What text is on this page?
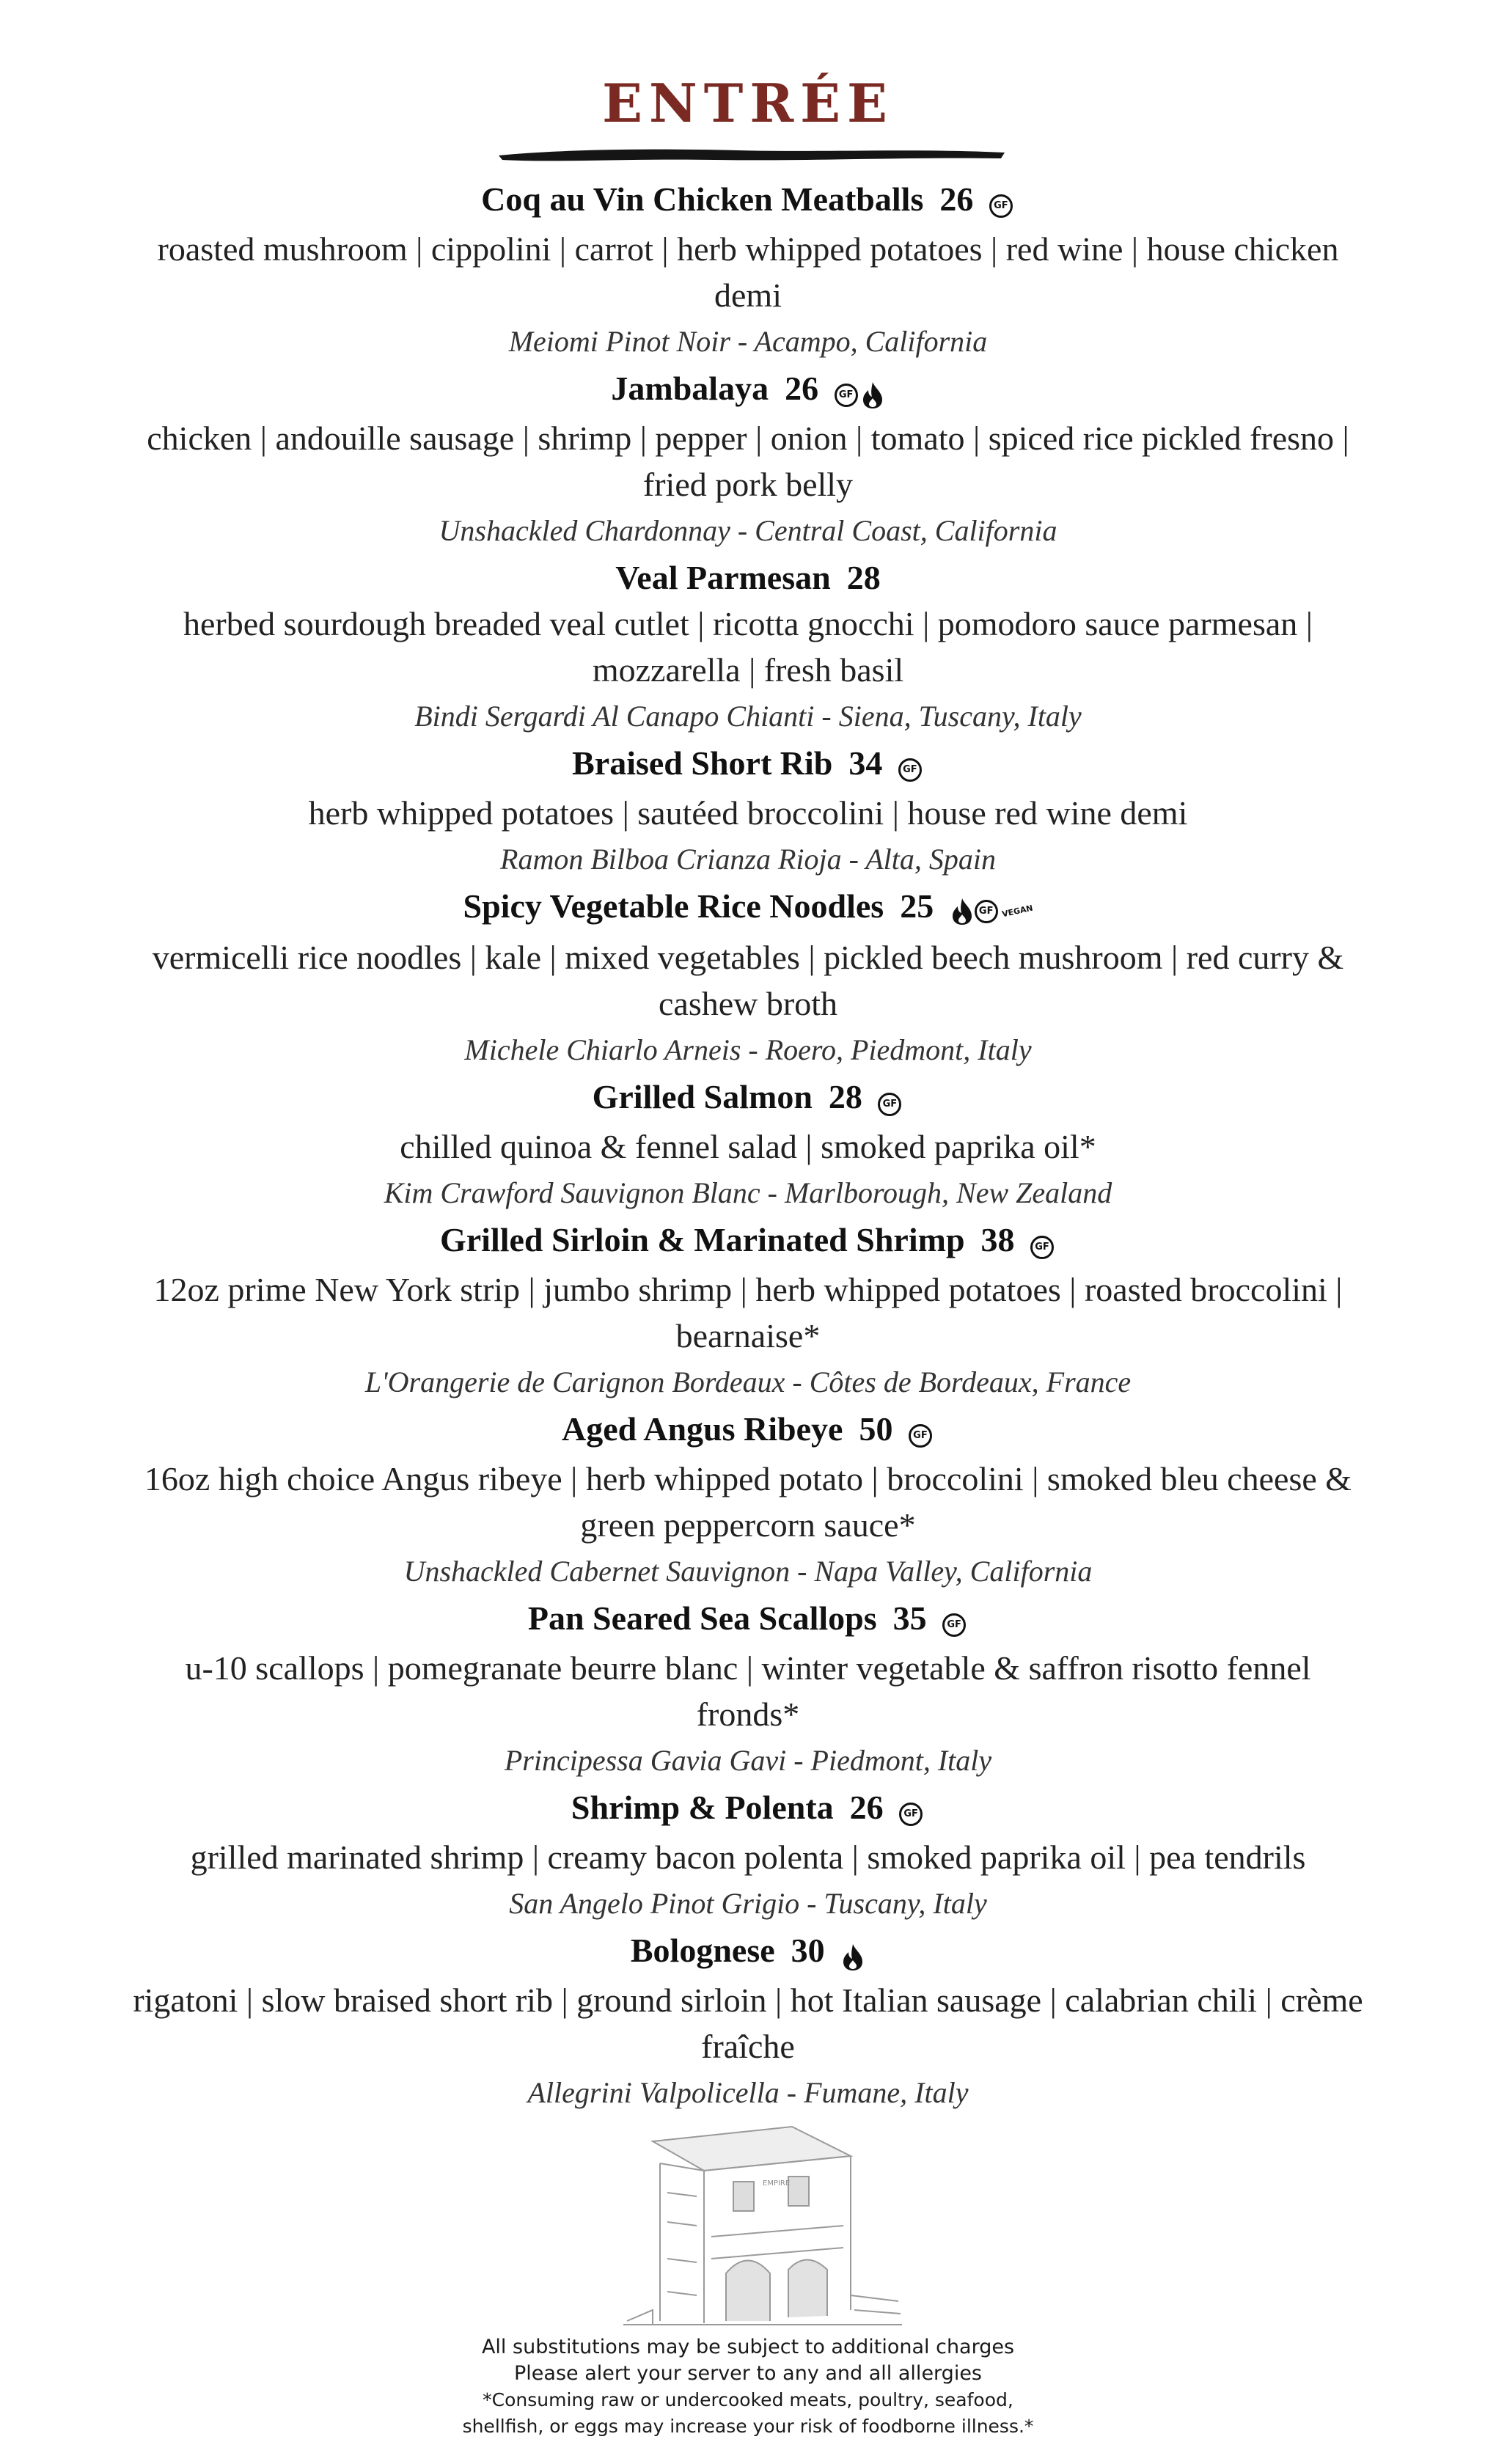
ENTRÉE
Coq au Vin Chicken Meatballs 26 GF
roasted mushroom | cippolini | carrot | herb whipped potatoes | red wine | house chicken demi
Meiomi Pinot Noir - Acampo, California
Jambalaya 26 GF
chicken | andouille sausage | shrimp | pepper | onion | tomato | spiced rice pickled fresno | fried pork belly
Unshackled Chardonnay - Central Coast, California
Veal Parmesan 28
herbed sourdough breaded veal cutlet | ricotta gnocchi | pomodoro sauce parmesan | mozzarella | fresh basil
Bindi Sergardi Al Canapo Chianti - Siena, Tuscany, Italy
Braised Short Rib 34 GF
herb whipped potatoes | sautéed broccolini | house red wine demi
Ramon Bilboa Crianza Rioja - Alta, Spain
Spicy Vegetable Rice Noodles 25	GF VEGAN
vermicelli rice noodles | kale | mixed vegetables | pickled beech mushroom | red curry & cashew broth
Michele Chiarlo Arneis - Roero, Piedmont, Italy
Grilled Salmon 28 GF
chilled quinoa & fennel salad | smoked paprika oil*
Kim Crawford Sauvignon Blanc - Marlborough, New Zealand
Grilled Sirloin & Marinated Shrimp 38 GF
12oz prime New York strip | jumbo shrimp | herb whipped potatoes | roasted broccolini | bearnaise*
L'Orangerie de Carignon Bordeaux - Côtes de Bordeaux, France
Aged Angus Ribeye 50 GF
16oz high choice Angus ribeye | herb whipped potato | broccolini | smoked bleu cheese & green peppercorn sauce*
Unshackled Cabernet Sauvignon - Napa Valley, California
Pan Seared Sea Scallops 35 GF
u-10 scallops | pomegranate beurre blanc | winter vegetable & saffron risotto fennel fronds*
Principessa Gavia Gavi - Piedmont, Italy
Shrimp & Polenta 26 GF
grilled marinated shrimp | creamy bacon polenta | smoked paprika oil | pea tendrils
San Angelo Pinot Grigio - Tuscany, Italy
Bolognese 30
rigatoni | slow braised short rib | ground sirloin | hot Italian sausage | calabrian chili | crème fraîche
Allegrini Valpolicella - Fumane, Italy
EMPIRE
All substitutions may be subject to additional charges
Please alert your server to any and all allergies
*Consuming raw or undercooked meats, poultry, seafood,
shellfish, or eggs may increase your risk of foodborne illness.*
